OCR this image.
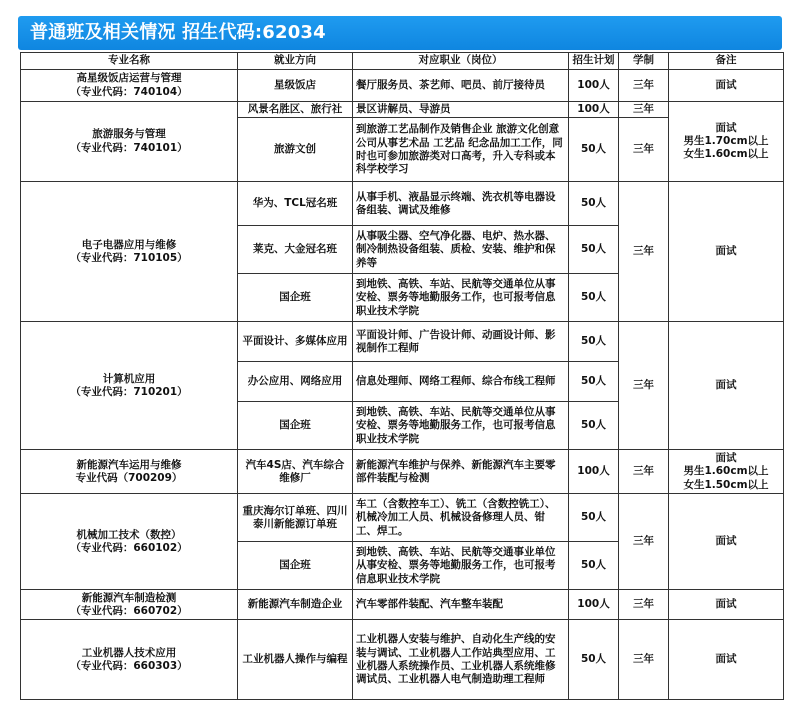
普通班及相关情况 招生代码:62034
专业名称	就业方向	对应职业（岗位）	招生计划	学制	备注

高星级饭店运营与管理
（专业代码：740104）	星级饭店	餐厅服务员、茶艺师、吧员、前厅接待员	100人	三年	面试

旅游服务与管理
（专业代码：740101）	风景名胜区、旅行社	景区讲解员、导游员	100人	三年	面试
男生1.70cm以上
女生1.60cm以上

	旅游文创	到旅游工艺品制作及销售企业 旅游文化创意公司从事艺术品 工艺品 纪念品加工工作，同时也可参加旅游类对口高考，升入专科或本科学校学习	50人	三年	

电子电器应用与维修
（专业代码：710105）	华为、TCL冠名班	从事手机、液晶显示终端、洗衣机等电器设备组装、调试及维修	50人	三年	面试

	莱克、大金冠名班	从事吸尘器、空气净化器、电炉、热水器、制冷制热设备组装、质检、安装、维护和保养等	50人		
	国企班	到地铁、高铁、车站、民航等交通单位从事安检、票务等地勤服务工作，也可报考信息职业技术学院	50人		

计算机应用
（专业代码：710201）	平面设计、多媒体应用	平面设计师、广告设计师、动画设计师、影视制作工程师	50人	三年	面试

	办公应用、网络应用	信息处理师、网络工程师、综合布线工程师	50人		
	国企班	到地铁、高铁、车站、民航等交通单位从事安检、票务等地勤服务工作，也可报考信息职业技术学院	50人		

新能源汽车运用与维修
专业代码（700209）	汽车4S店、汽车综合维修厂	新能源汽车维护与保养、新能源汽车主要零部件装配与检测	100人	三年	面试
男生1.60cm以上
女生1.50cm以上

机械加工技术（数控）
（专业代码：660102）	重庆海尔订单班、四川泰川新能源订单班	车工（含数控车工）、铣工（含数控铣工）、机械冷加工人员、机械设备修理人员、钳工、焊工。	50人	三年	面试

	国企班	到地铁、高铁、车站、民航等交通事业单位从事安检、票务等地勤服务工作，也可报考信息职业技术学院	50人		

新能源汽车制造检测
（专业代码：660702）	新能源汽车制造企业	汽车零部件装配、汽车整车装配	100人	三年	面试

工业机器人技术应用
（专业代码：660303）	工业机器人操作与编程	工业机器人安装与维护、自动化生产线的安装与调试、工业机器人工作站典型应用、工业机器人系统操作员、工业机器人系统维修调试员、工业机器人电气制造助理工程师	50人	三年	面试
